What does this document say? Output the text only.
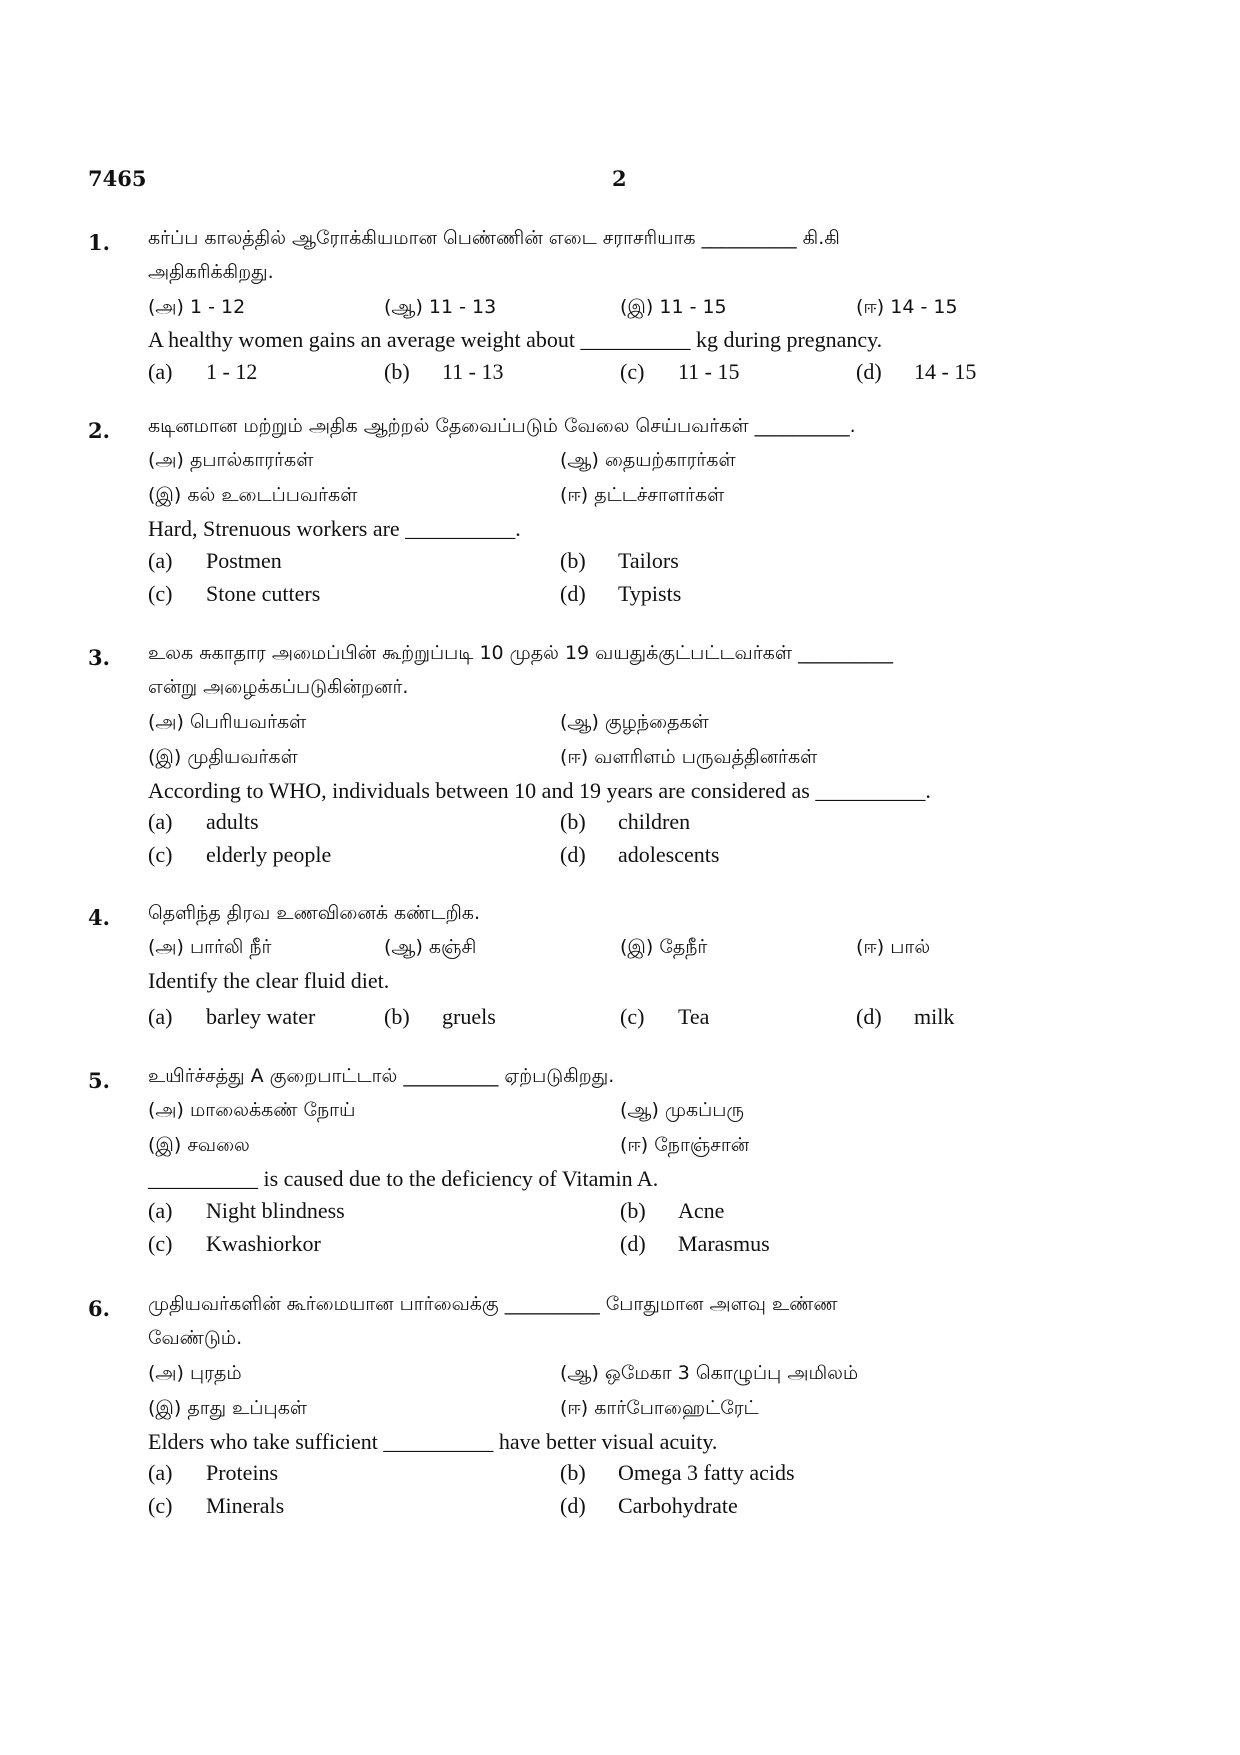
7465	2
1. கர்ப்ப காலத்தில் ஆரோக்கியமான பெண்ணின் எடை சராசரியாக __________ கி.கி
அதிகரிக்கிறது.
(அ) 1 - 12	(ஆ) 11 - 13	(இ) 11 - 15	(ஈ) 14 - 15
A healthy women gains an average weight about __________ kg during pregnancy.
(a) 1 - 12	(b) 11 - 13	(c) 11 - 15	(d) 14 - 15
2. கடினமான மற்றும் அதிக ஆற்றல் தேவைப்படும் வேலை செய்பவர்கள் __________.
(அ) தபால்காரர்கள்	(ஆ) தையற்காரர்கள்
(இ) கல் உடைப்பவர்கள்	(ஈ) தட்டச்சாளர்கள்
Hard, Strenuous workers are __________.
(a) Postmen	(b) Tailors
(c) Stone cutters	(d) Typists
3. உலக சுகாதார அமைப்பின் கூற்றுப்படி 10 முதல் 19 வயதுக்குட்பட்டவர்கள் __________
என்று அழைக்கப்படுகின்றனர்.
(அ) பெரியவர்கள்	(ஆ) குழந்தைகள்
(இ) முதியவர்கள்	(ஈ) வளரிளம் பருவத்தினர்கள்
According to WHO, individuals between 10 and 19 years are considered as __________.
(a) adults	(b) children
(c) elderly people	(d) adolescents
4. தெளிந்த திரவ உணவினைக் கண்டறிக.
(அ) பார்லி நீர்	(ஆ) கஞ்சி	(இ) தேநீர்	(ஈ) பால்
Identify the clear fluid diet.
(a) barley water	(b) gruels	(c) Tea	(d) milk
5. உயிர்ச்சத்து A குறைபாட்டால் __________ ஏற்படுகிறது.
(அ) மாலைக்கண் நோய்	(ஆ) முகப்பரு
(இ) சவலை	(ஈ) நோஞ்சான்
__________ is caused due to the deficiency of Vitamin A.
(a) Night blindness	(b) Acne
(c) Kwashiorkor	(d) Marasmus
6. முதியவர்களின் கூர்மையான பார்வைக்கு __________ போதுமான அளவு உண்ண
வேண்டும்.
(அ) புரதம்	(ஆ) ஒமேகா 3 கொழுப்பு அமிலம்
(இ) தாது உப்புகள்	(ஈ) கார்போஹைட்ரேட்
Elders who take sufficient __________ have better visual acuity.
(a) Proteins	(b) Omega 3 fatty acids
(c) Minerals	(d) Carbohydrate
